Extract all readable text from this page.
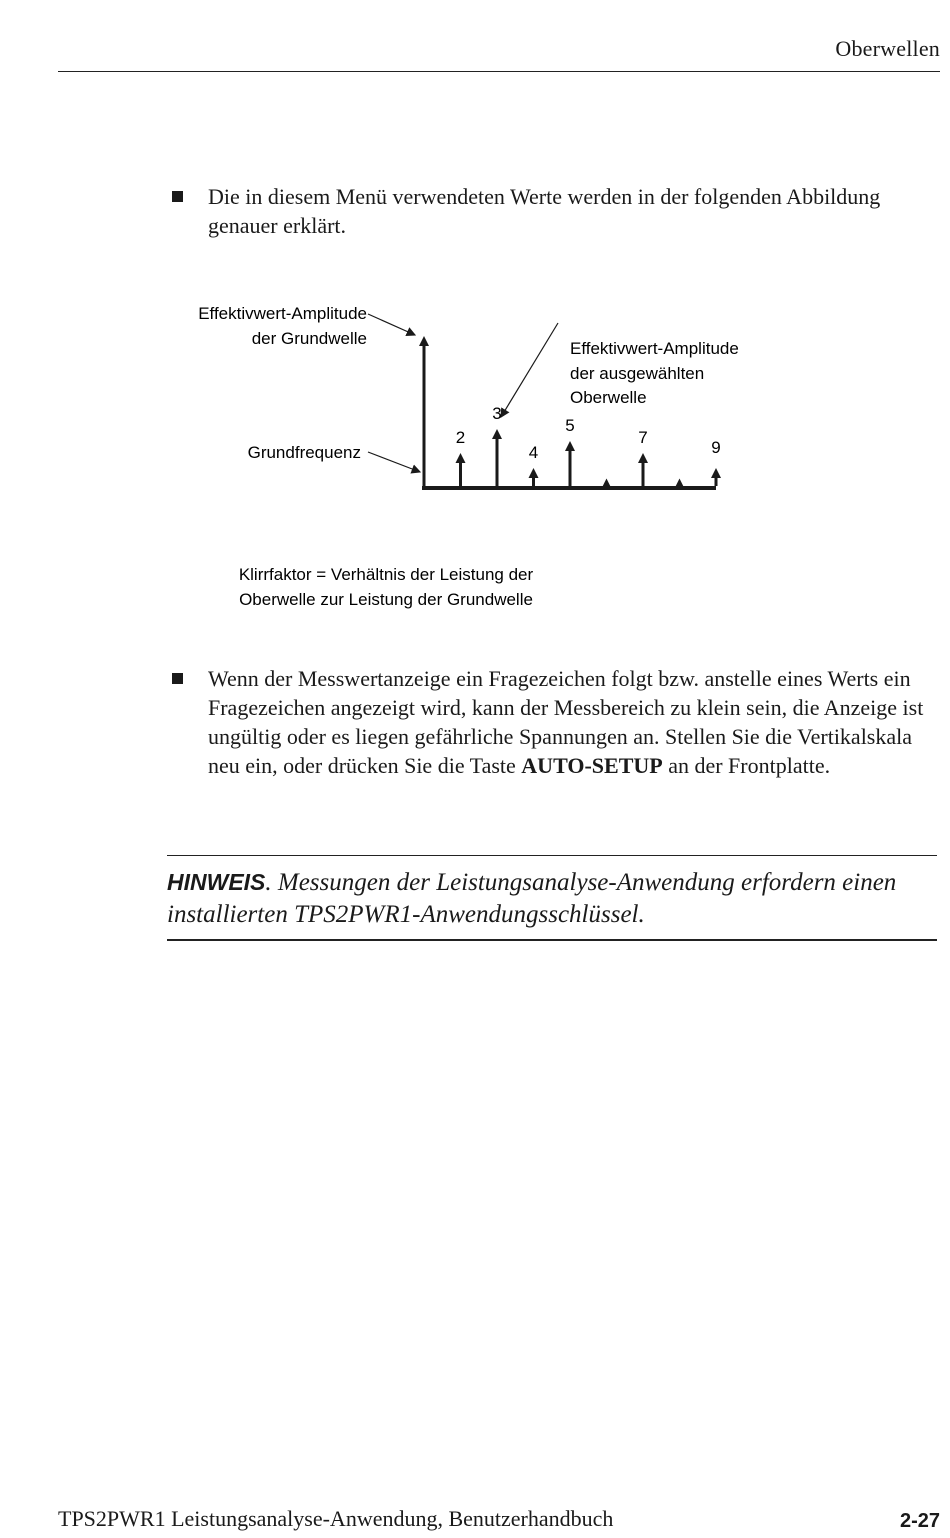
Oberwellen

Die in diesem Menü verwendeten Werte werden in der folgenden Abbildung genauer erklärt.

Effektivwert-Amplitude
der Grundwelle
Grundfrequenz
Effektivwert-Amplitude
der ausgewählten
Oberwelle
2
3
4
5
7
9
Klirrfaktor = Verhältnis der Leistung der
Oberwelle zur Leistung der Grundwelle

Wenn der Messwertanzeige ein Fragezeichen folgt bzw. anstelle eines Werts ein Fragezeichen angezeigt wird, kann der Messbereich zu klein sein, die Anzeige ist ungültig oder es liegen gefährliche Spannungen an. Stellen Sie die Vertikalskala neu ein, oder drücken Sie die Taste AUTO-SETUP an der Frontplatte.

HINWEIS. Messungen der Leistungsanalyse-Anwendung erfordern einen installierten TPS2PWR1-Anwendungsschlüssel.
TPS2PWR1 Leistungsanalyse-Anwendung, Benutzerhandbuch	2-27
